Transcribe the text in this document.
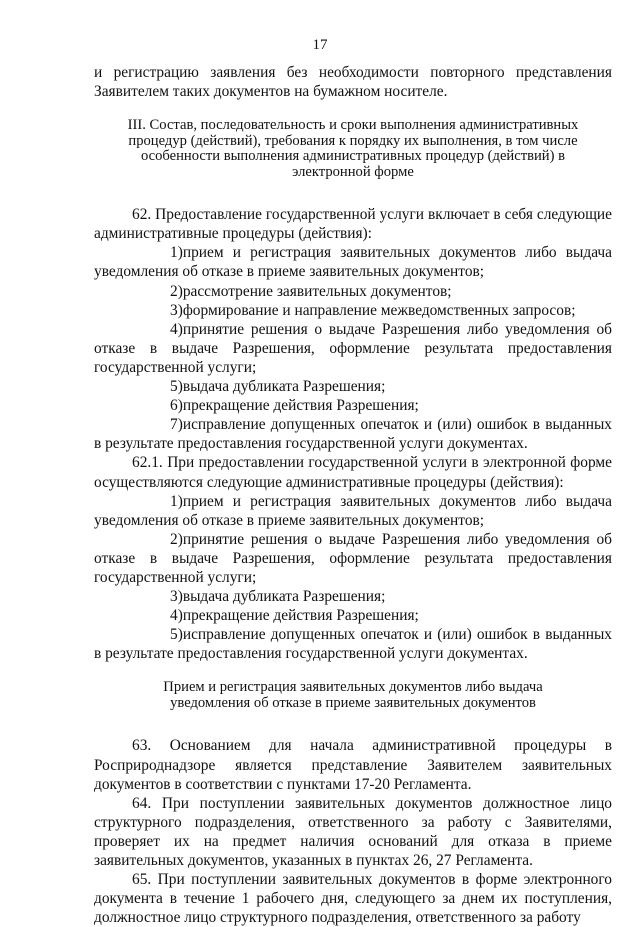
17

и регистрацию заявления без необходимости повторного представления Заявителем таких документов на бумажном носителе.

III. Состав, последовательность и сроки выполнения административных процедур (действий), требования к порядку их выполнения, в том числе особенности выполнения административных процедур (действий) в электронной форме

62. Предоставление государственной услуги включает в себя следующие административные процедуры (действия):

1)прием и регистрация заявительных документов либо выдача уведомления об отказе в приеме заявительных документов;

2)рассмотрение заявительных документов;

3)формирование и направление межведомственных запросов;

4)принятие решения о выдаче Разрешения либо уведомления об отказе в выдаче Разрешения, оформление результата предоставления государственной услуги;

5)выдача дубликата Разрешения;

6)прекращение действия Разрешения;

7)исправление допущенных опечаток и (или) ошибок в выданных в результате предоставления государственной услуги документах.

62.1. При предоставлении государственной услуги в электронной форме осуществляются следующие административные процедуры (действия):

1)прием и регистрация заявительных документов либо выдача уведомления об отказе в приеме заявительных документов;

2)принятие решения о выдаче Разрешения либо уведомления об отказе в выдаче Разрешения, оформление результата предоставления государственной услуги;

3)выдача дубликата Разрешения;

4)прекращение действия Разрешения;

5)исправление допущенных опечаток и (или) ошибок в выданных в результате предоставления государственной услуги документах.

Прием и регистрация заявительных документов либо выдача уведомления об отказе в приеме заявительных документов

63. Основанием для начала административной процедуры в Росприроднадзоре является представление Заявителем заявительных документов в соответствии с пунктами 17-20 Регламента.

64. При поступлении заявительных документов должностное лицо структурного подразделения, ответственного за работу с Заявителями, проверяет их на предмет наличия оснований для отказа в приеме заявительных документов, указанных в пунктах 26, 27 Регламента.

65. При поступлении заявительных документов в форме электронного документа в течение 1 рабочего дня, следующего за днем их поступления, должностное лицо структурного подразделения, ответственного за работу
